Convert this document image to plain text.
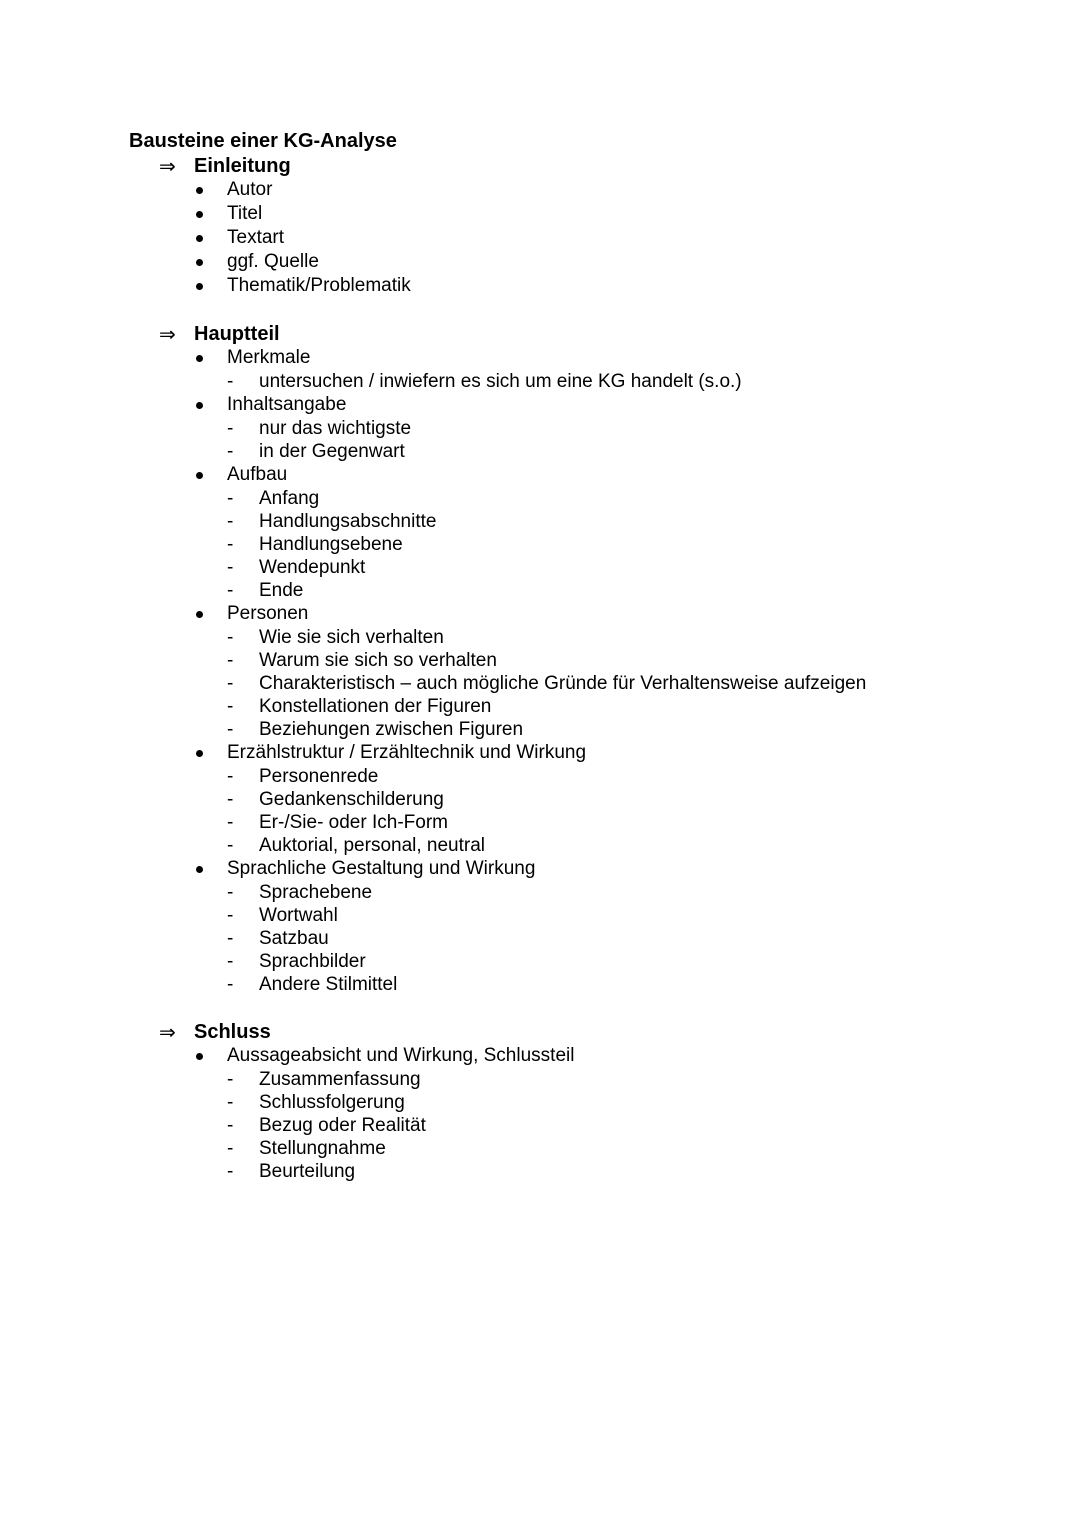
Bausteine einer KG-Analyse
⇒ Einleitung
Autor
Titel
Textart
ggf. Quelle
Thematik/Problematik
⇒ Hauptteil
Merkmale
- untersuchen / inwiefern es sich um eine KG handelt (s.o.)
Inhaltsangabe
- nur das wichtigste
- in der Gegenwart
Aufbau
- Anfang
- Handlungsabschnitte
- Handlungsebene
- Wendepunkt
- Ende
Personen
- Wie sie sich verhalten
- Warum sie sich so verhalten
- Charakteristisch – auch mögliche Gründe für Verhaltensweise aufzeigen
- Konstellationen der Figuren
- Beziehungen zwischen Figuren
Erzählstruktur / Erzähltechnik und Wirkung
- Personenrede
- Gedankenschilderung
- Er-/Sie- oder Ich-Form
- Auktorial, personal, neutral
Sprachliche Gestaltung und Wirkung
- Sprachebene
- Wortwahl
- Satzbau
- Sprachbilder
- Andere Stilmittel
⇒ Schluss
Aussageabsicht und Wirkung, Schlussteil
- Zusammenfassung
- Schlussfolgerung
- Bezug oder Realität
- Stellungnahme
- Beurteilung
